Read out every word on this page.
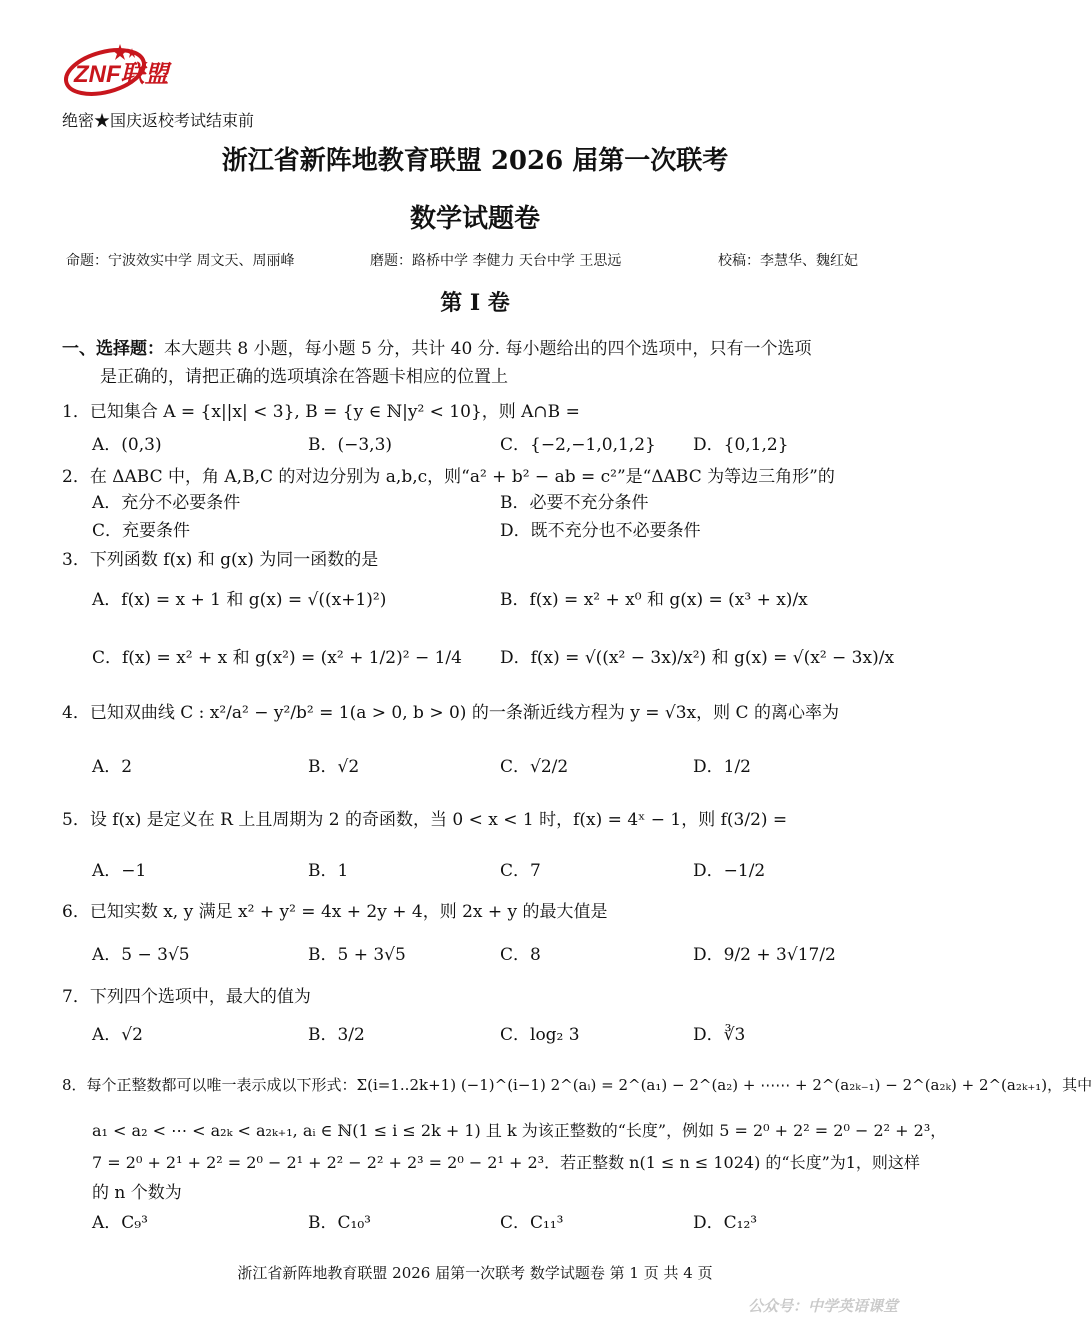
ZNF联盟
绝密★国庆返校考试结束前
浙江省新阵地教育联盟 2026 届第一次联考
数学试题卷
命题：宁波效实中学 周文天、周丽峰	磨题：路桥中学 李健力 天台中学 王思远	校稿：李慧华、魏红妃
第 I 卷
一、选择题：本大题共 8 小题，每小题 5 分，共计 40 分. 每小题给出的四个选项中，只有一个选项
是正确的，请把正确的选项填涂在答题卡相应的位置上
1．已知集合 A = {x||x| < 3}, B = {y ∈ ℕ|y² < 10}，则 A∩B =
A．(0,3)	B．(−3,3)	C．{−2,−1,0,1,2} D．{0,1,2}
2．在 ΔABC 中，角 A,B,C 的对边分别为 a,b,c，则“a² + b² − ab = c²”是“ΔABC 为等边三角形”的
A．充分不必要条件	B．必要不充分条件
C．充要条件	D．既不充分也不必要条件
3．下列函数 f(x) 和 g(x) 为同一函数的是
A．f(x) = x + 1 和 g(x) = √((x+1)²)	B．f(x) = x² + x⁰ 和 g(x) = (x³ + x)/x
C．f(x) = x² + x 和 g(x²) = (x² + 1/2)² − 1/4 D．f(x) = √((x² − 3x)/x²) 和 g(x) = √(x² − 3x)/x
4．已知双曲线 C : x²/a² − y²/b² = 1(a > 0, b > 0) 的一条渐近线方程为 y = √3x，则 C 的离心率为
A．2	B．√2	C．√2/2	D．1/2
5．设 f(x) 是定义在 R 上且周期为 2 的奇函数，当 0 < x < 1 时，f(x) = 4ˣ − 1，则 f(3/2) =
A．−1	B．1	C．7	D．−1/2
6．已知实数 x, y 满足 x² + y² = 4x + 2y + 4，则 2x + y 的最大值是
A．5 − 3√5	B．5 + 3√5	C．8	D．9/2 + 3√17/2
7．下列四个选项中，最大的值为
A．√2	B．3/2	C．log₂ 3	D．∛3
8．每个正整数都可以唯一表示成以下形式：Σ(i=1..2k+1) (−1)^(i−1) 2^(aᵢ) = 2^(a₁) − 2^(a₂) + ⋯⋯ + 2^(a₂ₖ₋₁) − 2^(a₂ₖ) + 2^(a₂ₖ₊₁)，其中
a₁ < a₂ < ⋯ < a₂ₖ < a₂ₖ₊₁, aᵢ ∈ ℕ(1 ≤ i ≤ 2k + 1) 且 k 为该正整数的“长度”，例如 5 = 2⁰ + 2² = 2⁰ − 2² + 2³，
7 = 2⁰ + 2¹ + 2² = 2⁰ − 2¹ + 2² − 2² + 2³ = 2⁰ − 2¹ + 2³．若正整数 n(1 ≤ n ≤ 1024) 的“长度”为1，则这样
的 n 个数为
A．C₉³	B．C₁₀³	C．C₁₁³	D．C₁₂³
浙江省新阵地教育联盟 2026 届第一次联考 数学试题卷 第 1 页 共 4 页
公众号：中学英语课堂
